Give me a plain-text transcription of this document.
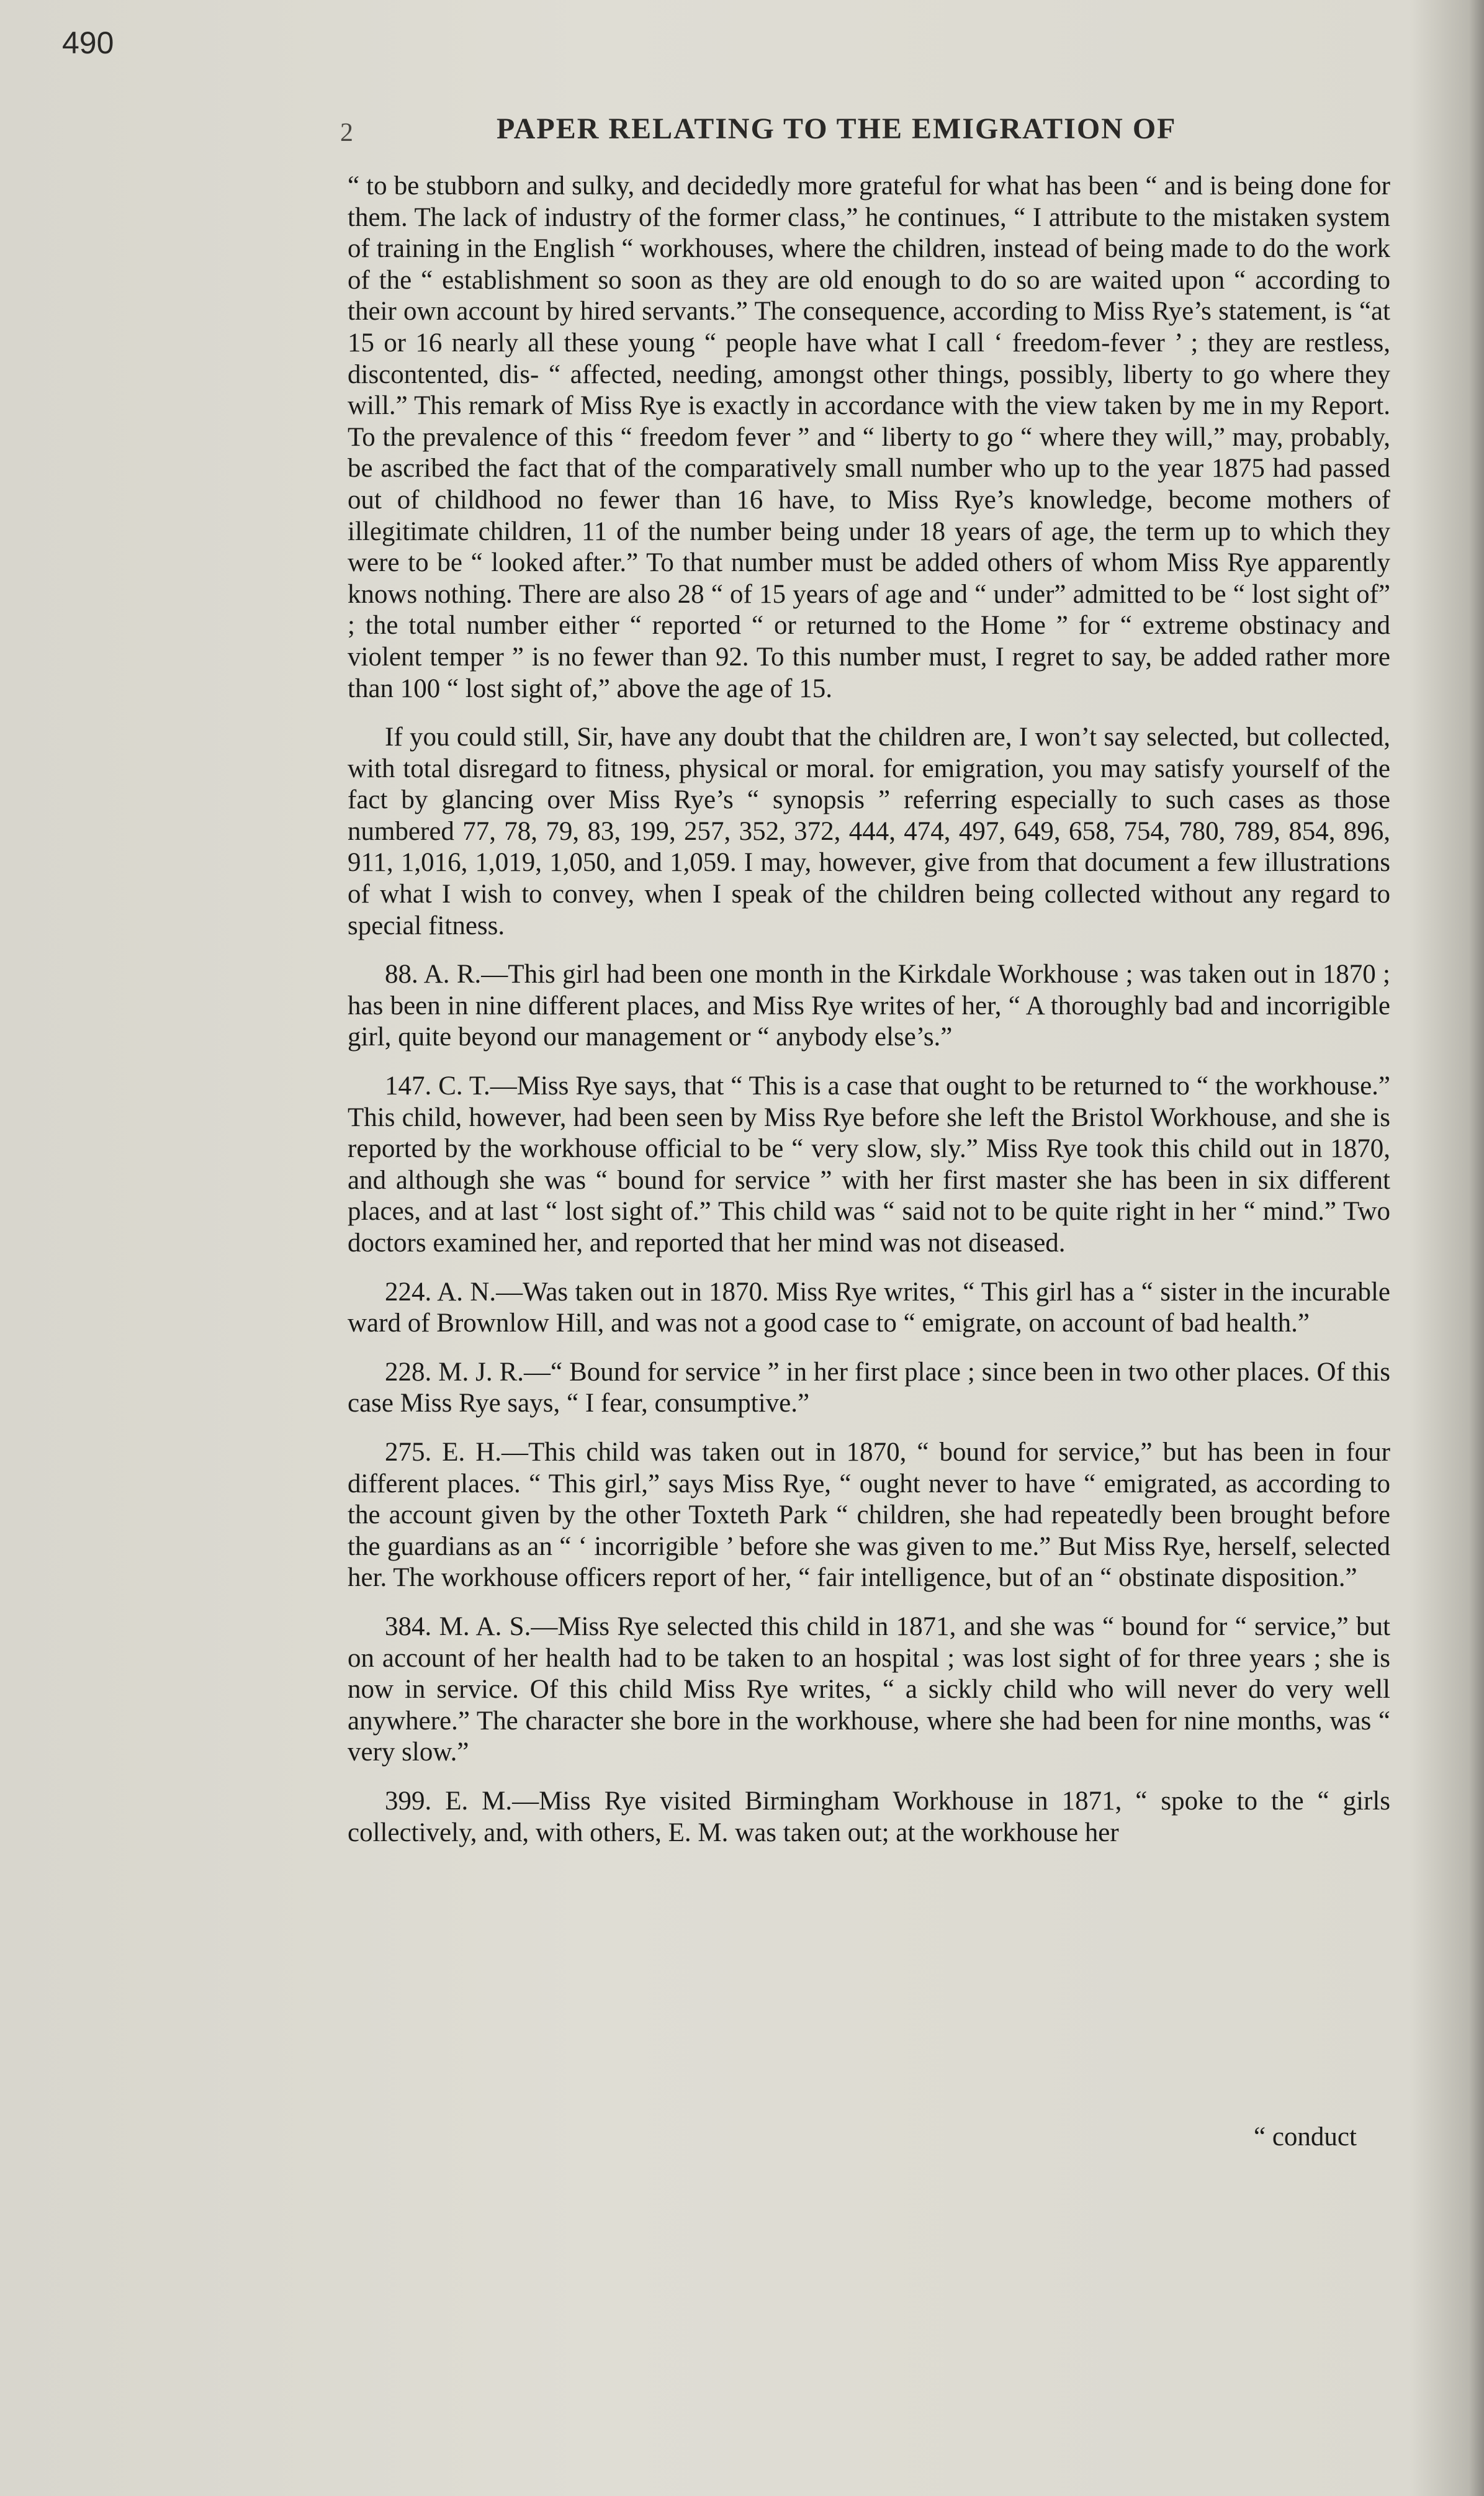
490
2	PAPER RELATING TO THE EMIGRATION OF

“ to be stubborn and sulky, and decidedly more grateful for what has been “ and is being done for them. The lack of industry of the former class,” he continues, “ I attribute to the mistaken system of training in the English “ workhouses, where the children, instead of being made to do the work of the “ establishment so soon as they are old enough to do so are waited upon “ according to their own account by hired servants.” The consequence, according to Miss Rye’s statement, is “at 15 or 16 nearly all these young “ people have what I call ‘ freedom-fever ’ ; they are restless, discontented, dis- “ affected, needing, amongst other things, possibly, liberty to go where they will.” This remark of Miss Rye is exactly in accordance with the view taken by me in my Report. To the prevalence of this “ freedom fever ” and “ liberty to go “ where they will,” may, probably, be ascribed the fact that of the comparatively small number who up to the year 1875 had passed out of childhood no fewer than 16 have, to Miss Rye’s knowledge, become mothers of illegitimate children, 11 of the number being under 18 years of age, the term up to which they were to be “ looked after.” To that number must be added others of whom Miss Rye apparently knows nothing. There are also 28 “ of 15 years of age and “ under” admitted to be “ lost sight of” ; the total number either “ reported “ or returned to the Home ” for “ extreme obstinacy and violent temper ” is no fewer than 92. To this number must, I regret to say, be added rather more than 100 “ lost sight of,” above the age of 15.

If you could still, Sir, have any doubt that the children are, I won’t say selected, but collected, with total disregard to fitness, physical or moral. for emigration, you may satisfy yourself of the fact by glancing over Miss Rye’s “ synopsis ” referring especially to such cases as those numbered 77, 78, 79, 83, 199, 257, 352, 372, 444, 474, 497, 649, 658, 754, 780, 789, 854, 896, 911, 1,016, 1,019, 1,050, and 1,059. I may, however, give from that document a few illustrations of what I wish to convey, when I speak of the children being collected without any regard to special fitness.

88. A. R.—This girl had been one month in the Kirkdale Workhouse ; was taken out in 1870 ; has been in nine different places, and Miss Rye writes of her, “ A thoroughly bad and incorrigible girl, quite beyond our management or “ anybody else’s.”

147. C. T.—Miss Rye says, that “ This is a case that ought to be returned to “ the workhouse.” This child, however, had been seen by Miss Rye before she left the Bristol Workhouse, and she is reported by the workhouse official to be “ very slow, sly.” Miss Rye took this child out in 1870, and although she was “ bound for service ” with her first master she has been in six different places, and at last “ lost sight of.” This child was “ said not to be quite right in her “ mind.” Two doctors examined her, and reported that her mind was not diseased.

224. A. N.—Was taken out in 1870. Miss Rye writes, “ This girl has a “ sister in the incurable ward of Brownlow Hill, and was not a good case to “ emigrate, on account of bad health.”

228. M. J. R.—“ Bound for service ” in her first place ; since been in two other places. Of this case Miss Rye says, “ I fear, consumptive.”

275. E. H.—This child was taken out in 1870, “ bound for service,” but has been in four different places. “ This girl,” says Miss Rye, “ ought never to have “ emigrated, as according to the account given by the other Toxteth Park “ children, she had repeatedly been brought before the guardians as an “ ‘ incorrigible ’ before she was given to me.” But Miss Rye, herself, selected her. The workhouse officers report of her, “ fair intelligence, but of an “ obstinate disposition.”

384. M. A. S.—Miss Rye selected this child in 1871, and she was “ bound for “ service,” but on account of her health had to be taken to an hospital ; was lost sight of for three years ; she is now in service. Of this child Miss Rye writes, “ a sickly child who will never do very well anywhere.” The character she bore in the workhouse, where she had been for nine months, was “ very slow.”

399. E. M.—Miss Rye visited Birmingham Workhouse in 1871, “ spoke to the “ girls collectively, and, with others, E. M. was taken out; at the workhouse her

“ conduct
